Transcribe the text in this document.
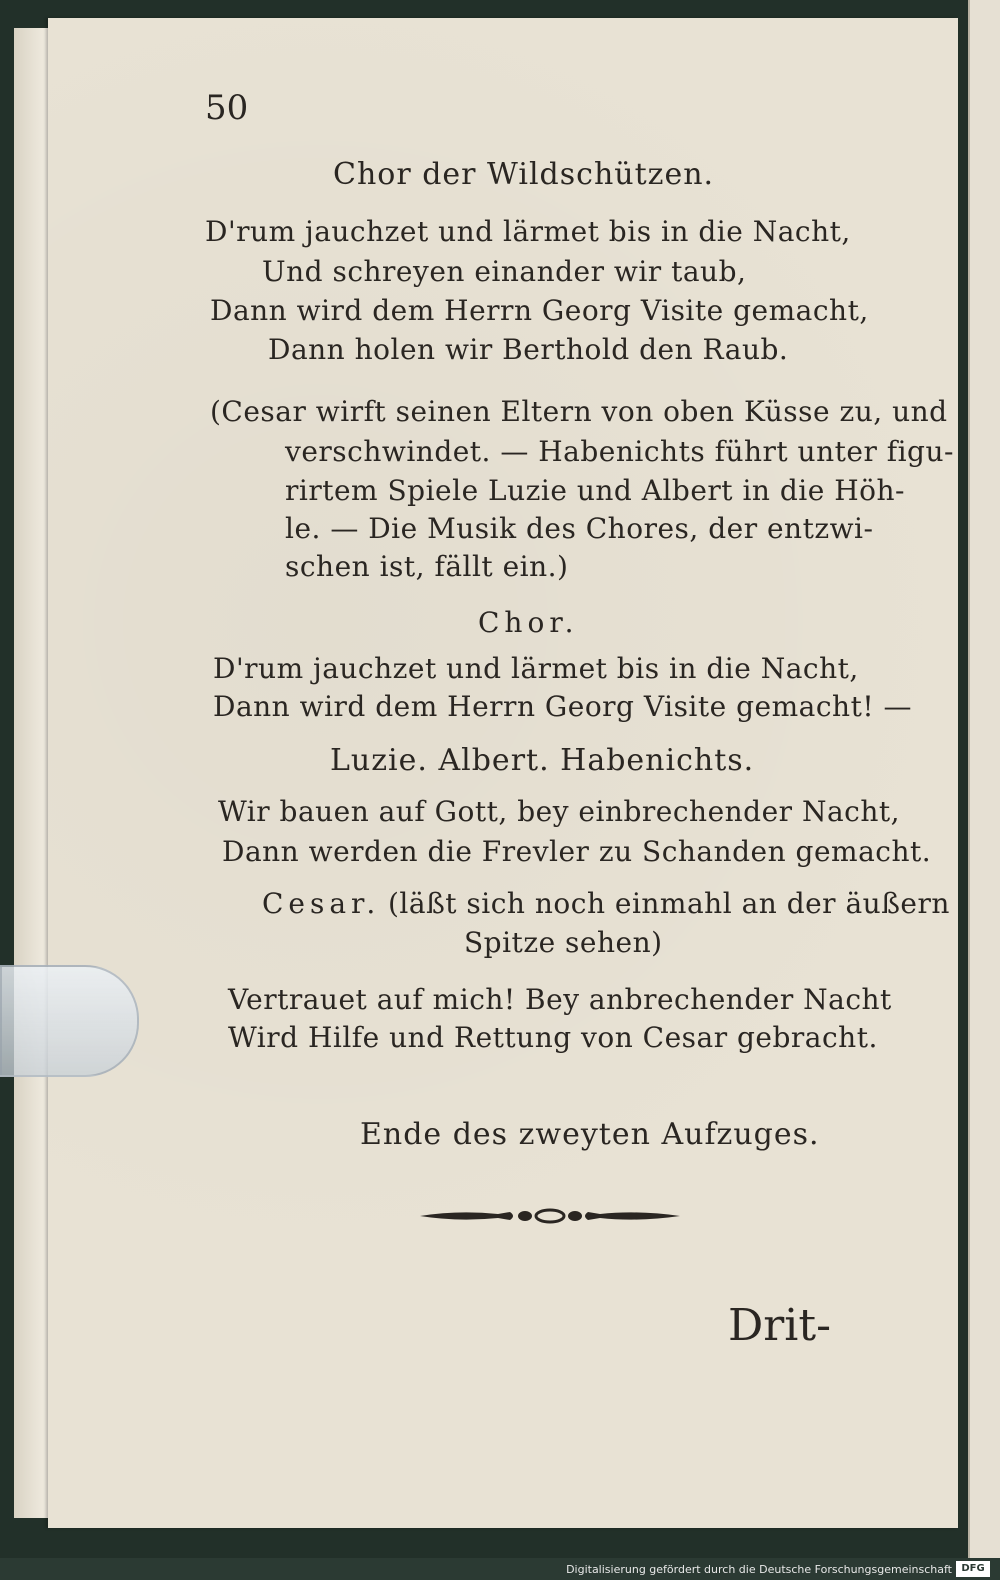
50
Chor der Wildschützen.
D'rum jauchzet und lärmet bis in die Nacht,
Und schreyen einander wir taub,
Dann wird dem Herrn Georg Visite gemacht,
Dann holen wir Berthold den Raub.
(Cesar wirft seinen Eltern von oben Küsse zu, und
verschwindet. — Habenichts führt unter figu-
rirtem Spiele Luzie und Albert in die Höh-
le. — Die Musik des Chores, der entzwi-
schen ist, fällt ein.)
Chor.
D'rum jauchzet und lärmet bis in die Nacht,
Dann wird dem Herrn Georg Visite gemacht! —
Luzie. Albert. Habenichts.
Wir bauen auf Gott, bey einbrechender Nacht,
Dann werden die Frevler zu Schanden gemacht.
Cesar. (läßt sich noch einmahl an der äußern
Spitze sehen)
Vertrauet auf mich! Bey anbrechender Nacht
Wird Hilfe und Rettung von Cesar gebracht.
Ende des zweyten Aufzuges.
Drit-
Digitalisierung gefördert durch die Deutsche Forschungsgemeinschaft DFG
